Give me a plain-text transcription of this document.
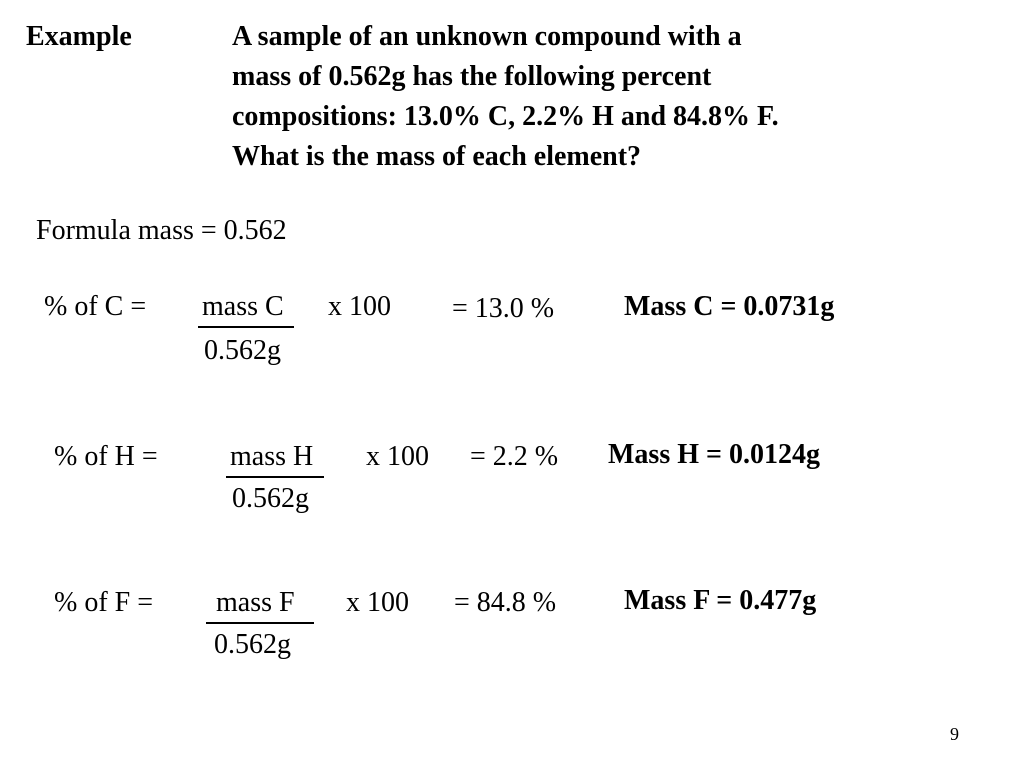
Example	A sample of an unknown compound with a
mass of 0.562g has the following percent
compositions: 13.0% C, 2.2% H and 84.8% F.
What is the mass of each element?
Formula mass = 0.562
% of C = mass C
0.562g
x 100 = 13.0 % Mass C = 0.0731g
% of H =	mass H
0.562g
x 100 = 2.2 % Mass H = 0.0124g
% of F = mass F
0.562g
x 100 = 84.8 % Mass F = 0.477g
9
